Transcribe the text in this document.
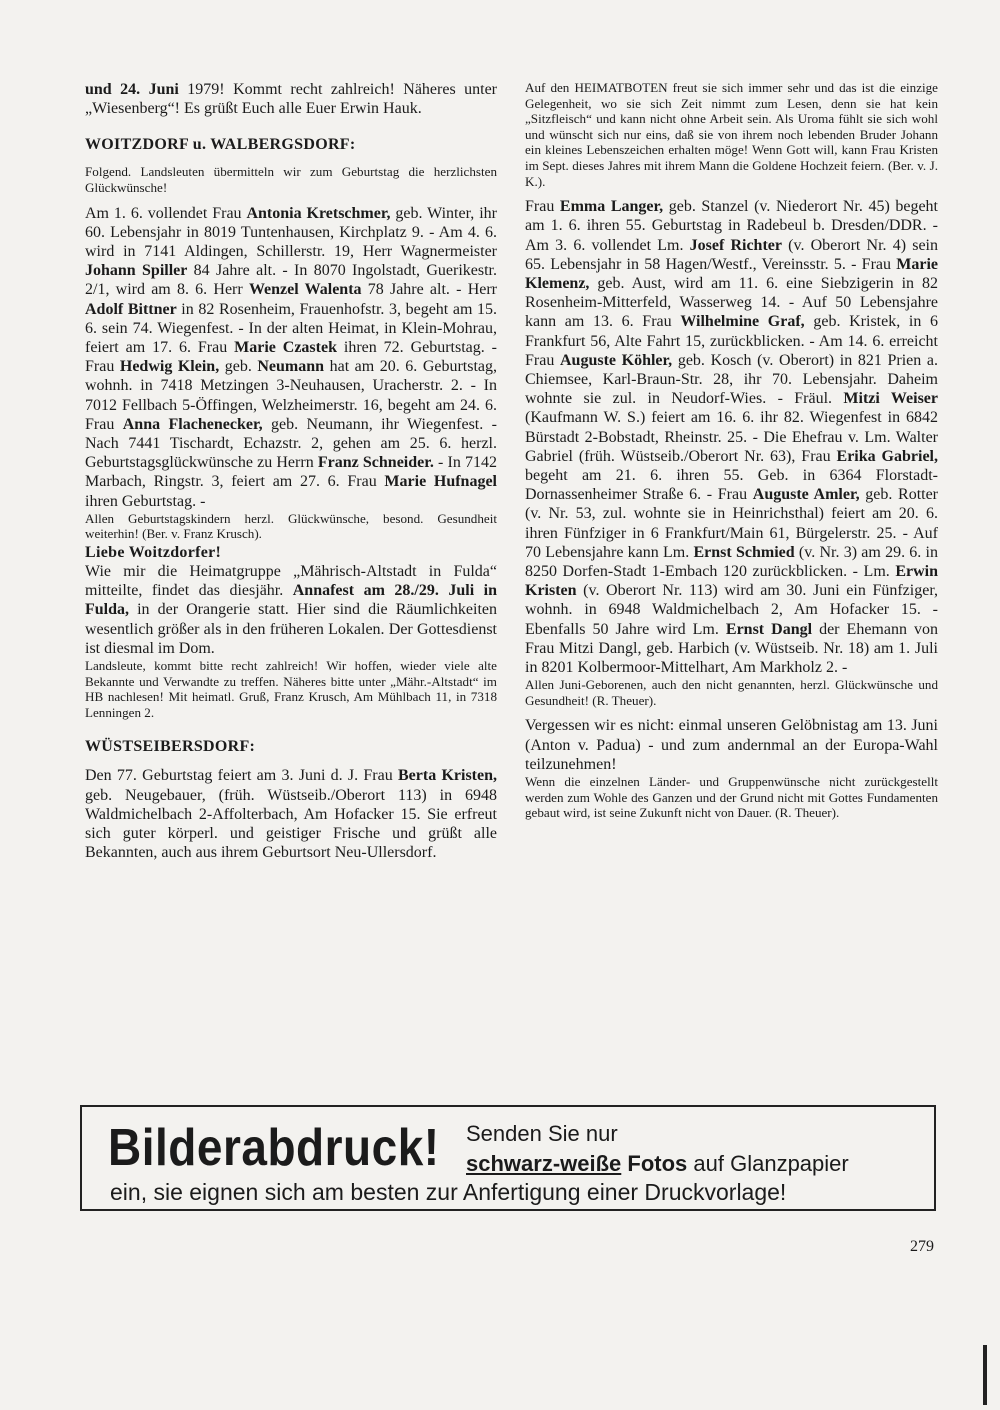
und 24. Juni 1979! Kommt recht zahlreich! Näheres unter „Wiesenberg“! Es grüßt Euch alle Euer Erwin Hauk.

WOITZDORF u. WALBERGSDORF:

Folgend. Landsleuten übermitteln wir zum Geburtstag die herzlichsten Glückwünsche!

Am 1. 6. vollendet Frau Antonia Kretschmer, geb. Winter, ihr 60. Lebensjahr in 8019 Tuntenhausen, Kirchplatz 9. - Am 4. 6. wird in 7141 Aldingen, Schillerstr. 19, Herr Wagnermeister Johann Spiller 84 Jahre alt. - In 8070 Ingolstadt, Guerikestr. 2/1, wird am 8. 6. Herr Wenzel Walenta 78 Jahre alt. - Herr Adolf Bittner in 82 Rosenheim, Frauenhofstr. 3, begeht am 15. 6. sein 74. Wiegenfest. - In der alten Heimat, in Klein-Mohrau, feiert am 17. 6. Frau Marie Czastek ihren 72. Geburtstag. - Frau Hedwig Klein, geb. Neumann hat am 20. 6. Geburtstag, wohnh. in 7418 Metzingen 3-Neuhausen, Uracherstr. 2. - In 7012 Fellbach 5-Öffingen, Welzheimerstr. 16, begeht am 24. 6. Frau Anna Flachenecker, geb. Neumann, ihr Wiegenfest. - Nach 7441 Tischardt, Echazstr. 2, gehen am 25. 6. herzl. Geburtstagsglückwünsche zu Herrn Franz Schneider. - In 7142 Marbach, Ringstr. 3, feiert am 27. 6. Frau Marie Hufnagel ihren Geburtstag. -

Allen Geburtstagskindern herzl. Glückwünsche, besond. Gesundheit weiterhin! (Ber. v. Franz Krusch).

Liebe Woitzdorfer!

Wie mir die Heimatgruppe „Mährisch-Altstadt in Fulda“ mitteilte, findet das diesjähr. Annafest am 28./29. Juli in Fulda, in der Orangerie statt. Hier sind die Räumlichkeiten wesentlich größer als in den früheren Lokalen. Der Gottesdienst ist diesmal im Dom.

Landsleute, kommt bitte recht zahlreich! Wir hoffen, wieder viele alte Bekannte und Verwandte zu treffen. Näheres bitte unter „Mähr.-Altstadt“ im HB nachlesen! Mit heimatl. Gruß, Franz Krusch, Am Mühlbach 11, in 7318 Lenningen 2.

WÜSTSEIBERSDORF:

Den 77. Geburtstag feiert am 3. Juni d. J. Frau Berta Kristen, geb. Neugebauer, (früh. Wüstseib./Oberort 113) in 6948 Waldmichelbach 2-Affolterbach, Am Hofacker 15. Sie erfreut sich guter körperl. und geistiger Frische und grüßt alle Bekannten, auch aus ihrem Geburtsort Neu-Ullersdorf.

Auf den HEIMATBOTEN freut sie sich immer sehr und das ist die einzige Gelegenheit, wo sie sich Zeit nimmt zum Lesen, denn sie hat kein „Sitzfleisch“ und kann nicht ohne Arbeit sein. Als Uroma fühlt sie sich wohl und wünscht sich nur eins, daß sie von ihrem noch lebenden Bruder Johann ein kleines Lebenszeichen erhalten möge! Wenn Gott will, kann Frau Kristen im Sept. dieses Jahres mit ihrem Mann die Goldene Hochzeit feiern. (Ber. v. J. K.).

Frau Emma Langer, geb. Stanzel (v. Niederort Nr. 45) begeht am 1. 6. ihren 55. Geburtstag in Radebeul b. Dresden/DDR. - Am 3. 6. vollendet Lm. Josef Richter (v. Oberort Nr. 4) sein 65. Lebensjahr in 58 Hagen/Westf., Vereinsstr. 5. - Frau Marie Klemenz, geb. Aust, wird am 11. 6. eine Siebzigerin in 82 Rosenheim-Mitterfeld, Wasserweg 14. - Auf 50 Lebensjahre kann am 13. 6. Frau Wilhelmine Graf, geb. Kristek, in 6 Frankfurt 56, Alte Fahrt 15, zurückblicken. - Am 14. 6. erreicht Frau Auguste Köhler, geb. Kosch (v. Oberort) in 821 Prien a. Chiemsee, Karl-Braun-Str. 28, ihr 70. Lebensjahr. Daheim wohnte sie zul. in Neudorf-Wies. - Fräul. Mitzi Weiser (Kaufmann W. S.) feiert am 16. 6. ihr 82. Wiegenfest in 6842 Bürstadt 2-Bobstadt, Rheinstr. 25. - Die Ehefrau v. Lm. Walter Gabriel (früh. Wüstseib./Oberort Nr. 63), Frau Erika Gabriel, begeht am 21. 6. ihren 55. Geb. in 6364 Florstadt-Dornassenheimer Straße 6. - Frau Auguste Amler, geb. Rotter (v. Nr. 53, zul. wohnte sie in Heinrichsthal) feiert am 20. 6. ihren Fünfziger in 6 Frankfurt/Main 61, Bürgelerstr. 25. - Auf 70 Lebensjahre kann Lm. Ernst Schmied (v. Nr. 3) am 29. 6. in 8250 Dorfen-Stadt 1-Embach 120 zurückblicken. - Lm. Erwin Kristen (v. Oberort Nr. 113) wird am 30. Juni ein Fünfziger, wohnh. in 6948 Waldmichelbach 2, Am Hofacker 15. - Ebenfalls 50 Jahre wird Lm. Ernst Dangl der Ehemann von Frau Mitzi Dangl, geb. Harbich (v. Wüstseib. Nr. 18) am 1. Juli in 8201 Kolbermoor-Mittelhart, Am Markholz 2. -

Allen Juni-Geborenen, auch den nicht genannten, herzl. Glückwünsche und Gesundheit! (R. Theuer).

Vergessen wir es nicht: einmal unseren Gelöbnistag am 13. Juni (Anton v. Padua) - und zum andernmal an der Europa-Wahl teilzunehmen!

Wenn die einzelnen Länder- und Gruppenwünsche nicht zurückgestellt werden zum Wohle des Ganzen und der Grund nicht mit Gottes Fundamenten gebaut wird, ist seine Zukunft nicht von Dauer. (R. Theuer).

Bilderabdruck! Senden Sie nur
schwarz-weiße Fotos auf Glanzpapier
ein, sie eignen sich am besten zur Anfertigung einer Druckvorlage!
279
